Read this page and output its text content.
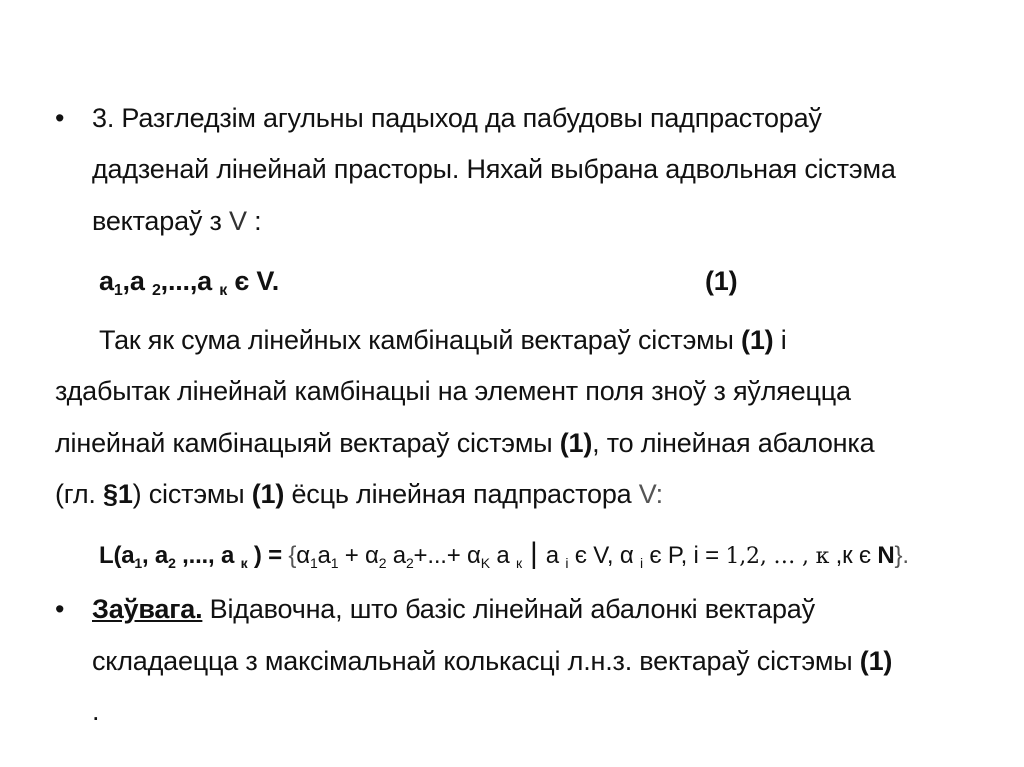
• 3. Разгледзім агульны падыход да пабудовы падпрастораў
дадзенай лінейнай прасторы. Няхай выбрана адвольная сістэма
вектараў з V :
$a_1,a$ $_2$,...,a $_к$ є V.	(1)
Так як сума лінейных камбінацый вектараў сістэмы (1) і
здабытак лінейнай камбінацыі на элемент поля зноў з яўляецца
лінейнай камбінацыяй вектараў сістэмы (1), то лінейная абалонка
(гл. §1) сістэмы (1) ёсць лінейная падпрастора V:
$L(a_1$, $a_2$ ,..., a $_к$ ) = {$\alpha_1a_1 + \alpha_2$ $a_2+...+ \alpha_K$ a $_к$ | a $_i$ є V, α $_i$ є P, i = 1,2, … , к ,к є N}.
• Заўвага. Відавочна, што базіс лінейнай абалонкі вектараў
складаецца з максімальнай колькасці л.н.з. вектараў сістэмы (1)
.
